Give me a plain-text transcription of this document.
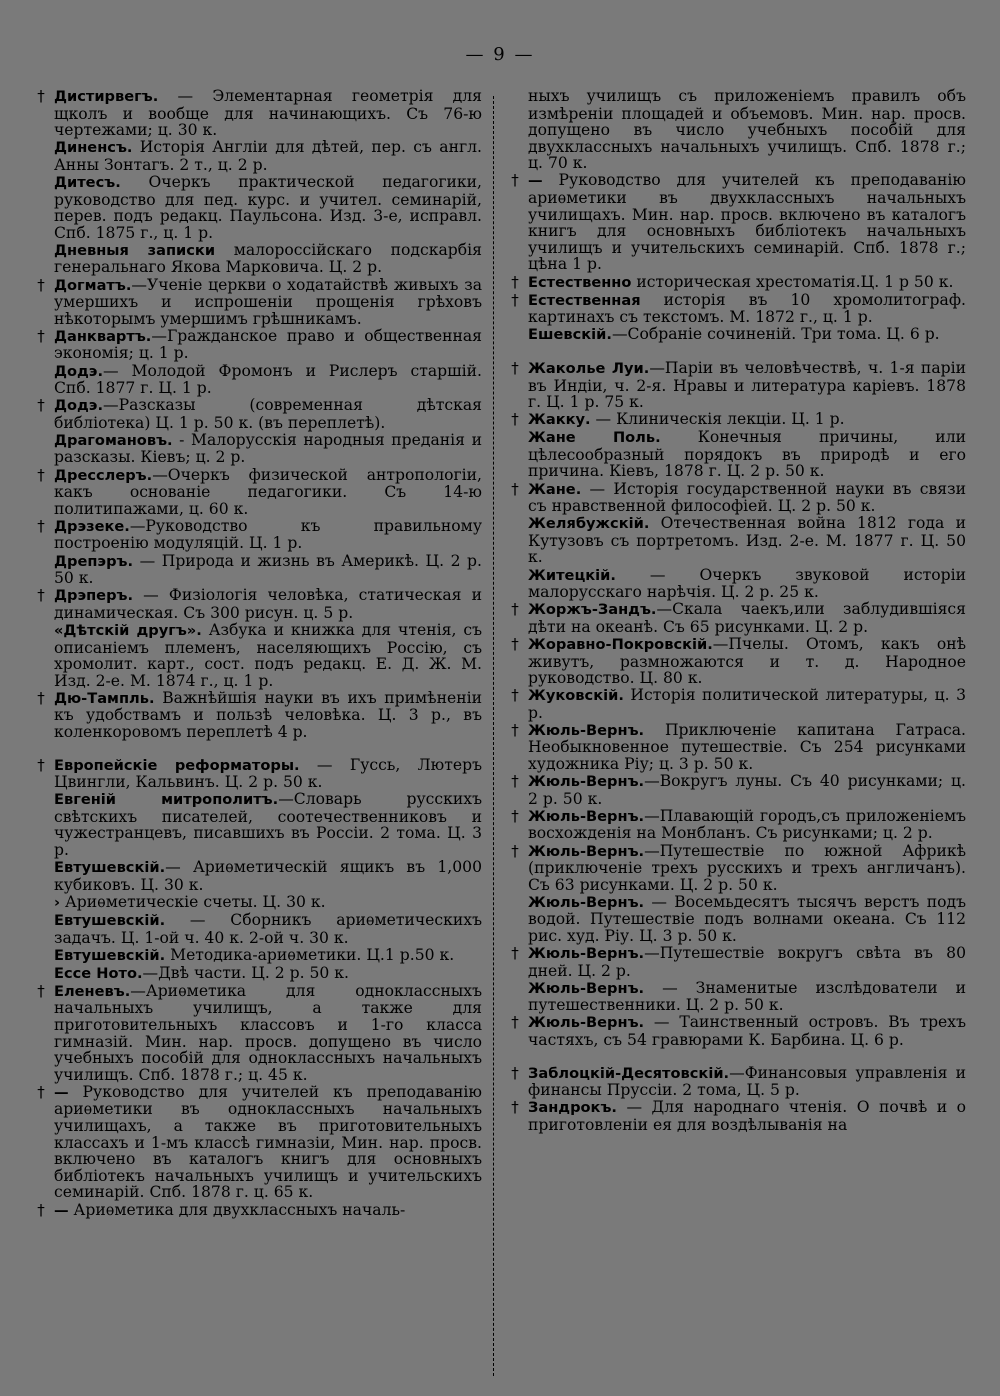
— 9 —
† Дистирвегъ. — Элементарная геометрія для щколъ и вообще для начинающихъ. Съ 76-ю чертежами; ц. 30 к.
Диненсъ. Исторія Англіи для дѣтей, пер. съ англ. Анны Зонтагъ. 2 т., ц. 2 р.
Дитесъ. Очеркъ практической педагогики, руководство для пед. курс. и учител. семинарій, перев. подъ редакц. Паульсона. Изд. 3-е, исправл. Спб. 1875 г., ц. 1 р.
Дневныя записки малороссійскаго подскарбія генеральнаго Якова Марковича. Ц. 2 р.
† Догматъ.—Ученіе церкви о ходатайствѣ живыхъ за умершихъ и испрошеніи прощенія грѣховъ нѣкоторымъ умершимъ грѣшникамъ.
† Данквартъ.—Гражданское право и общественная экономія; ц. 1 р.
Додэ.— Молодой Фромонъ и Рислеръ старшій. Спб. 1877 г. Ц. 1 р.
† Додэ.—Разсказы (современная дѣтская библіотека) Ц. 1 р. 50 к. (въ переплетѣ).
Драгомановъ. - Малорусскія народныя преданія и разсказы. Кіевъ; ц. 2 р.
† Дресслеръ.—Очеркъ физической антропологіи, какъ основаніе педагогики. Съ 14-ю политипажами, ц. 60 к.
† Дрэзеке.—Руководство къ правильному построенію модуляцій. Ц. 1 р.
Дрепэръ. — Природа и жизнь въ Америкѣ. Ц. 2 р. 50 к.
† Дрэперъ. — Физіологія человѣка, статическая и динамическая. Съ 300 рисун. ц. 5 р.
«Дѣтскій другъ». Азбука и книжка для чтенія, съ описаніемъ племенъ, населяющихъ Россію, съ хромолит. карт., сост. подъ редакц. Е. Д. Ж. М. Изд. 2-е. М. 1874 г., ц. 1 р.
† Дю-Тампль. Важнѣйшія науки въ ихъ примѣненіи къ удобствамъ и пользѣ человѣка. Ц. 3 р., въ коленкоровомъ переплетѣ 4 р.
† Европейскіе реформаторы. — Гуссь, Лютеръ Цвингли, Кальвинъ. Ц. 2 р. 50 к.
Евгеній митрополитъ.—Словарь русскихъ свѣтскихъ писателей, соотечественниковъ и чужестранцевъ, писавшихъ въ Россіи. 2 тома. Ц. 3 р.
Евтушевскій.— Ариѳметическій ящикъ въ 1,000 кубиковъ. Ц. 30 к.
› Ариѳметическіе счеты. Ц. 30 к.
Евтушевскій. — Сборникъ ариѳметическихъ задачъ. Ц. 1-ой ч. 40 к. 2-ой ч. 30 к.
Евтушевскій. Методика-ариѳметики. Ц.1 р.50 к.
Ессе Ното.—Двѣ части. Ц. 2 р. 50 к.
† Еленевъ.—Ариѳметика для одноклассныхъ начальныхъ училищъ, а также для приготовительныхъ классовъ и 1-го класса гимназій. Мин. нар. просв. допущено въ число учебныхъ пособій для одноклассныхъ начальныхъ училищъ. Спб. 1878 г.; ц. 45 к.
† — Руководство для учителей къ преподаванію ариѳметики въ одноклассныхъ начальныхъ училищахъ, а также въ приготовительныхъ классахъ и 1-мъ классѣ гимназіи, Мин. нар. просв. включено въ каталогъ книгъ для основныхъ библіотекъ начальныхъ училищъ и учительскихъ семинарій. Спб. 1878 г. ц. 65 к.
† — Ариѳметика для двухклассныхъ началь-
ныхъ училищъ съ приложеніемъ правилъ объ измѣреніи площадей и объемовъ. Мин. нар. просв. допущено въ число учебныхъ пособій для двухклассныхъ начальныхъ училищъ. Спб. 1878 г.; ц. 70 к.
† — Руководство для учителей къ преподаванію ариѳметики въ двухклассныхъ начальныхъ училищахъ. Мин. нар. просв. включено въ каталогъ книгъ для основныхъ библіотекъ начальныхъ училищъ и учительскихъ семинарій. Спб. 1878 г.; цѣна 1 р.
† Естественно историческая хрестоматія.Ц. 1 р 50 к.
† Естественная исторія въ 10 хромолитограф. картинахъ съ текстомъ. М. 1872 г., ц. 1 р.
Ешевскій.—Собраніе сочиненій. Три тома. Ц. 6 р.
† Жаколье Луи.—Паріи въ человѣчествѣ, ч. 1-я паріи въ Индіи, ч. 2-я. Нравы и литература каріевъ. 1878 г. Ц. 1 р. 75 к.
† Жакку. — Клиническія лекціи. Ц. 1 р.
Жане Поль. Конечныя причины, или цѣлесообразный порядокъ въ природѣ и его причина. Кіевъ, 1878 г. Ц. 2 р. 50 к.
† Жане. — Исторія государственной науки въ связи съ нравственной философіей. Ц. 2 р. 50 к.
Желябужскій. Отечественная война 1812 года и Кутузовъ съ портретомъ. Изд. 2-е. М. 1877 г. Ц. 50 к.
Житецкій. — Очеркъ звуковой исторіи малорусскаго нарѣчія. Ц. 2 р. 25 к.
† Жоржъ-Зандъ.—Скала чаекъ,или заблудившіяся дѣти на океанѣ. Съ 65 рисунками. Ц. 2 р.
† Жоравно-Покровскій.—Пчелы. Отомъ, какъ онѣ живутъ, размножаются и т. д. Народное руководство. Ц. 80 к.
† Жуковскій. Исторія политической литературы, ц. 3 р.
† Жюль-Вернъ. Приключеніе капитана Гатраса. Необыкновенное путешествіе. Съ 254 рисунками художника Ріу; ц. 3 р. 50 к.
† Жюль-Вернъ.—Вокругъ луны. Съ 40 рисунками; ц. 2 р. 50 к.
† Жюль-Вернъ.—Плавающій городъ,съ приложеніемъ восхожденія на Монбланъ. Съ рисунками; ц. 2 р.
† Жюль-Вернъ.—Путешествіе по южной Африкѣ (приключеніе трехъ русскихъ и трехъ англичанъ). Съ 63 рисунками. Ц. 2 р. 50 к.
Жюль-Вернъ. — Восемьдесятъ тысячъ верстъ подъ водой. Путешествіе подъ волнами океана. Съ 112 рис. худ. Ріу. Ц. 3 р. 50 к.
† Жюль-Вернъ.—Путешествіе вокругъ свѣта въ 80 дней. Ц. 2 р.
Жюль-Вернъ. — Знаменитые изслѣдователи и путешественники. Ц. 2 р. 50 к.
† Жюль-Вернъ. — Таинственный островъ. Въ трехъ частяхъ, съ 54 гравюрами К. Барбина. Ц. 6 р.
† Заблоцкій-Десятовскій.—Финансовыя управленія и финансы Пруссіи. 2 тома, Ц. 5 р.
† Зандрокъ. — Для народнаго чтенія. О почвѣ и о приготовленіи ея для воздѣлыванія на
